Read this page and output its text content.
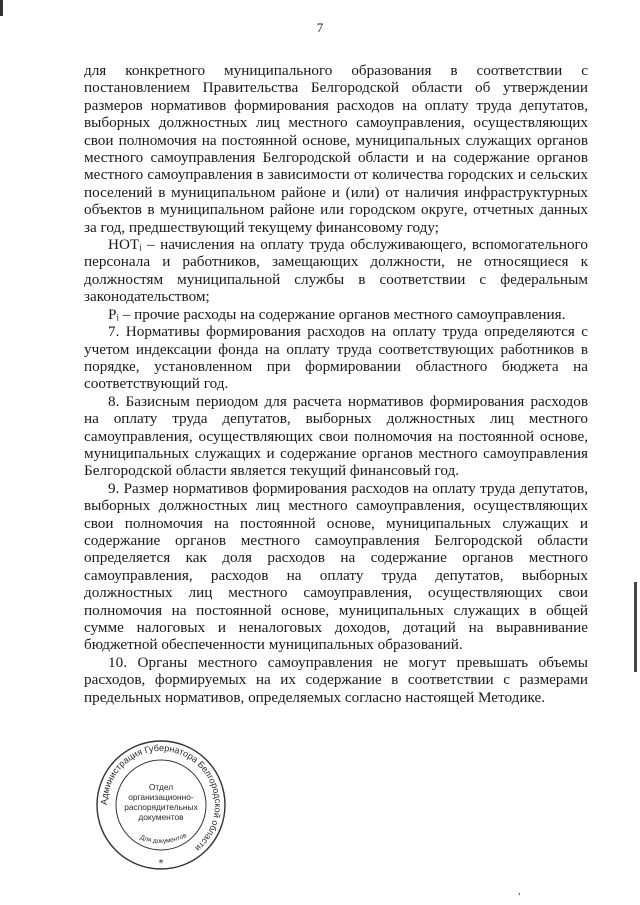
7

для конкретного муниципального образования в соответствии с постановлением Правительства Белгородской области об утверждении размеров нормативов формирования расходов на оплату труда депутатов, выборных должностных лиц местного самоуправления, осуществляющих свои полномочия на постоянной основе, муниципальных служащих органов местного самоуправления Белгородской области и на содержание органов местного самоуправления в зависимости от количества городских и сельских поселений в муниципальном районе и (или) от наличия инфраструктурных объектов в муниципальном районе или городском округе, отчетных данных за год, предшествующий текущему финансовому году;

НОТᵢ – начисления на оплату труда обслуживающего, вспомогательного персонала и работников, замещающих должности, не относящиеся к должностям муниципальной службы в соответствии с федеральным законодательством;

Pᵢ – прочие расходы на содержание органов местного самоуправления.

7. Нормативы формирования расходов на оплату труда определяются с учетом индексации фонда на оплату труда соответствующих работников в порядке, установленном при формировании областного бюджета на соответствующий год.

8. Базисным периодом для расчета нормативов формирования расходов на оплату труда депутатов, выборных должностных лиц местного самоуправления, осуществляющих свои полномочия на постоянной основе, муниципальных служащих и содержание органов местного самоуправления Белгородской области является текущий финансовый год.

9. Размер нормативов формирования расходов на оплату труда депутатов, выборных должностных лиц местного самоуправления, осуществляющих свои полномочия на постоянной основе, муниципальных служащих и содержание органов местного самоуправления Белгородской области определяется как доля расходов на содержание органов местного самоуправления, расходов на оплату труда депутатов, выборных должностных лиц местного самоуправления, осуществляющих свои полномочия на постоянной основе, муниципальных служащих в общей сумме налоговых и неналоговых доходов, дотаций на выравнивание бюджетной обеспеченности муниципальных образований.

10. Органы местного самоуправления не могут превышать объемы расходов, формируемых на их содержание в соответствии с размерами предельных нормативов, определяемых согласно настоящей Методике.

Администрация Губернатора Белгородской области
Для документов
*
Отдел организационно-распорядительных документов
,
